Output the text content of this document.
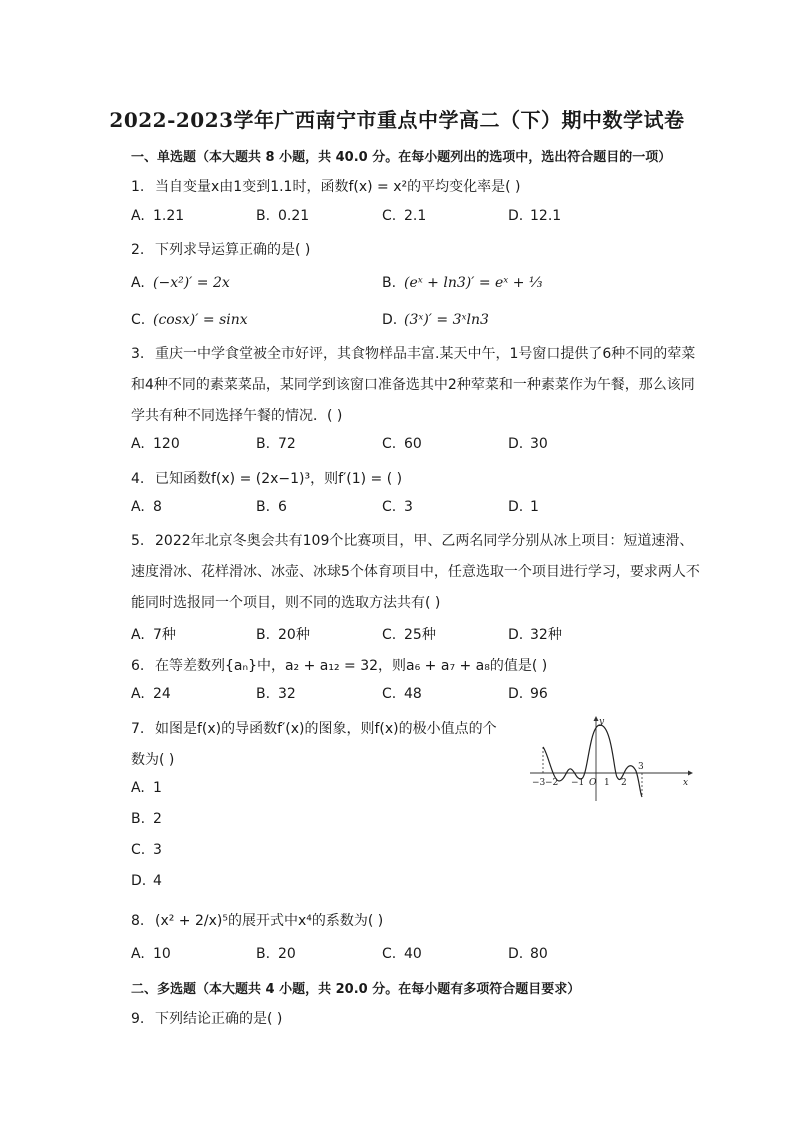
2022-2023学年广西南宁市重点中学高二（下）期中数学试卷
一、单选题（本大题共 8 小题，共 40.0 分。在每小题列出的选项中，选出符合题目的一项）
1. 当自变量x由1变到1.1时，函数f(x) = x²的平均变化率是( )
A. 1.21	B. 0.21	C. 2.1	D. 12.1
2. 下列求导运算正确的是( )
A. (−x²)′ = 2x	B. (eˣ + ln3)′ = eˣ + ⅓
C. (cosx)′ = sinx	D. (3ˣ)′ = 3ˣln3
3. 重庆一中学食堂被全市好评，其食物样品丰富.某天中午，1号窗口提供了6种不同的荤菜
和4种不同的素菜菜品，某同学到该窗口准备选其中2种荤菜和一种素菜作为午餐，那么该同
学共有种不同选择午餐的情况．( )
A. 120	B. 72	C. 60	D. 30
4. 已知函数f(x) = (2x−1)³，则f′(1) = ( )
A. 8	B. 6	C. 3	D. 1
5. 2022年北京冬奥会共有109个比赛项目，甲、乙两名同学分别从冰上项目：短道速滑、
速度滑冰、花样滑冰、冰壶、冰球5个体育项目中，任意选取一个项目进行学习，要求两人不
能同时选报同一个项目，则不同的选取方法共有( )
A. 7种	B. 20种	C. 25种	D. 32种
6. 在等差数列{aₙ}中，a₂ + a₁₂ = 32，则a₆ + a₇ + a₈的值是( )
A. 24	B. 32	C. 48	D. 96
7. 如图是f(x)的导函数f′(x)的图象，则f(x)的极小值点的个
数为( )
A. 1
B. 2
C. 3
D. 4
y
x
−3 −2 −1 O 1 2
3
8. (x² + 2/x)⁵的展开式中x⁴的系数为( )
A. 10	B. 20	C. 40	D. 80
二、多选题（本大题共 4 小题，共 20.0 分。在每小题有多项符合题目要求）
9. 下列结论正确的是( )
